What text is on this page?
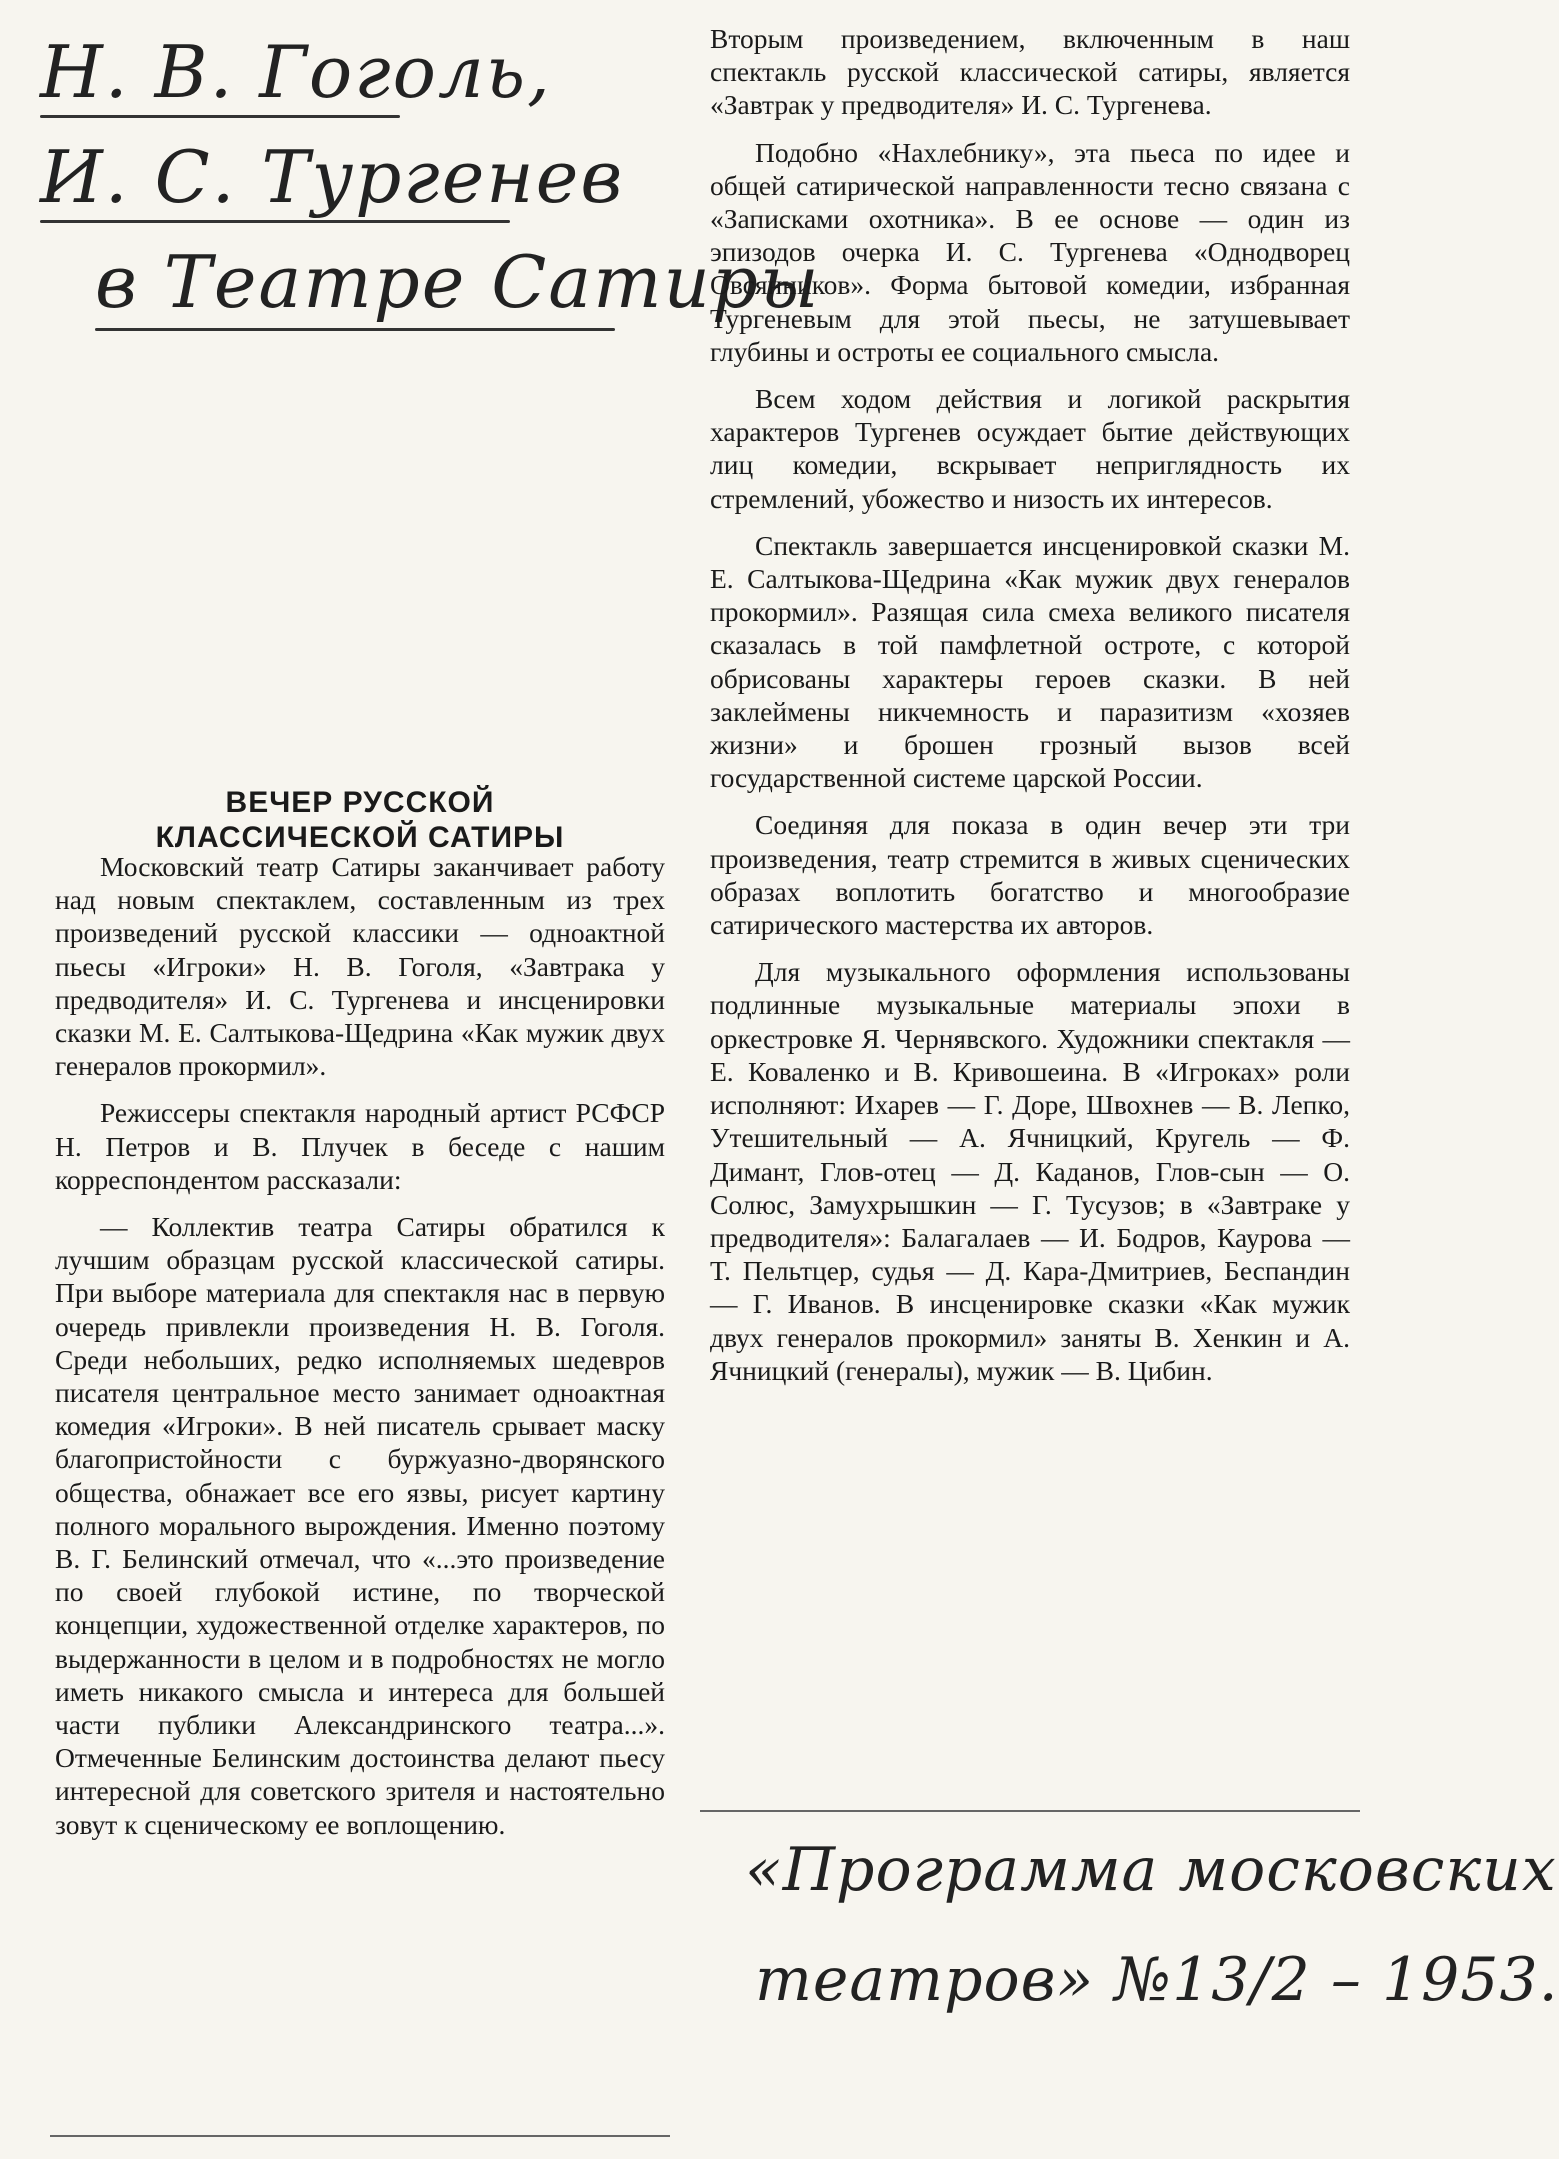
Н. В. Гоголь,
И. С. Тургенев
в Театре Сатиры
ВЕЧЕР РУССКОЙ
КЛАССИЧЕСКОЙ САТИРЫ

Московский театр Сатиры заканчивает работу над новым спектаклем, составленным из трех произведений русской классики — одноактной пьесы «Игроки» Н. В. Гоголя, «Завтрака у предводителя» И. С. Тургенева и инсценировки сказки М. Е. Салтыкова-Щедрина «Как мужик двух генералов прокормил».

Режиссеры спектакля народный артист РСФСР Н. Петров и В. Плучек в беседе с нашим корреспондентом рассказали:

— Коллектив театра Сатиры обратился к лучшим образцам русской классической сатиры. При выборе материала для спектакля нас в первую очередь привлекли произведения Н. В. Гоголя. Среди небольших, редко исполняемых шедевров писателя центральное место занимает одноактная комедия «Игроки». В ней писатель срывает маску благопристойности с буржуазно-дворянского общества, обнажает все его язвы, рисует картину полного морального вырождения. Именно поэтому В. Г. Белинский отмечал, что «...это произведение по своей глубокой истине, по творческой концепции, художественной отделке характеров, по выдержанности в целом и в подробностях не могло иметь никакого смысла и интереса для большей части публики Александринского театра...». Отмеченные Белинским достоинства делают пьесу интересной для советского зрителя и настоятельно зовут к сценическому ее воплощению.

Вторым произведением, включенным в наш спектакль русской классической сатиры, является «Завтрак у предводителя» И. С. Тургенева.

Подобно «Нахлебнику», эта пьеса по идее и общей сатирической направленности тесно связана с «Записками охотника». В ее основе — один из эпизодов очерка И. С. Тургенева «Однодворец Овсянников». Форма бытовой комедии, избранная Тургеневым для этой пьесы, не затушевывает глубины и остроты ее социального смысла.

Всем ходом действия и логикой раскрытия характеров Тургенев осуждает бытие действующих лиц комедии, вскрывает неприглядность их стремлений, убожество и низость их интересов.

Спектакль завершается инсценировкой сказки М. Е. Салтыкова-Щедрина «Как мужик двух генералов прокормил». Разящая сила смеха великого писателя сказалась в той памфлетной остроте, с которой обрисованы характеры героев сказки. В ней заклеймены никчемность и паразитизм «хозяев жизни» и брошен грозный вызов всей государственной системе царской России.

Соединяя для показа в один вечер эти три произведения, театр стремится в живых сценических образах воплотить богатство и многообразие сатирического мастерства их авторов.

Для музыкального оформления использованы подлинные музыкальные материалы эпохи в оркестровке Я. Чернявского. Художники спектакля — Е. Коваленко и В. Кривошеина. В «Игроках» роли исполняют: Ихарев — Г. Доре, Швохнев — В. Лепко, Утешительный — А. Ячницкий, Кругель — Ф. Димант, Глов-отец — Д. Каданов, Глов-сын — О. Солюс, Замухрышкин — Г. Тусузов; в «Завтраке у предводителя»: Балагалаев — И. Бодров, Каурова — Т. Пельтцер, судья — Д. Кара-Дмитриев, Беспандин — Г. Иванов. В инсценировке сказки «Как мужик двух генералов прокормил» заняты В. Хенкин и А. Ячницкий (генералы), мужик — В. Цибин.

«Программа московских
театров» №13/2 – 1953.
